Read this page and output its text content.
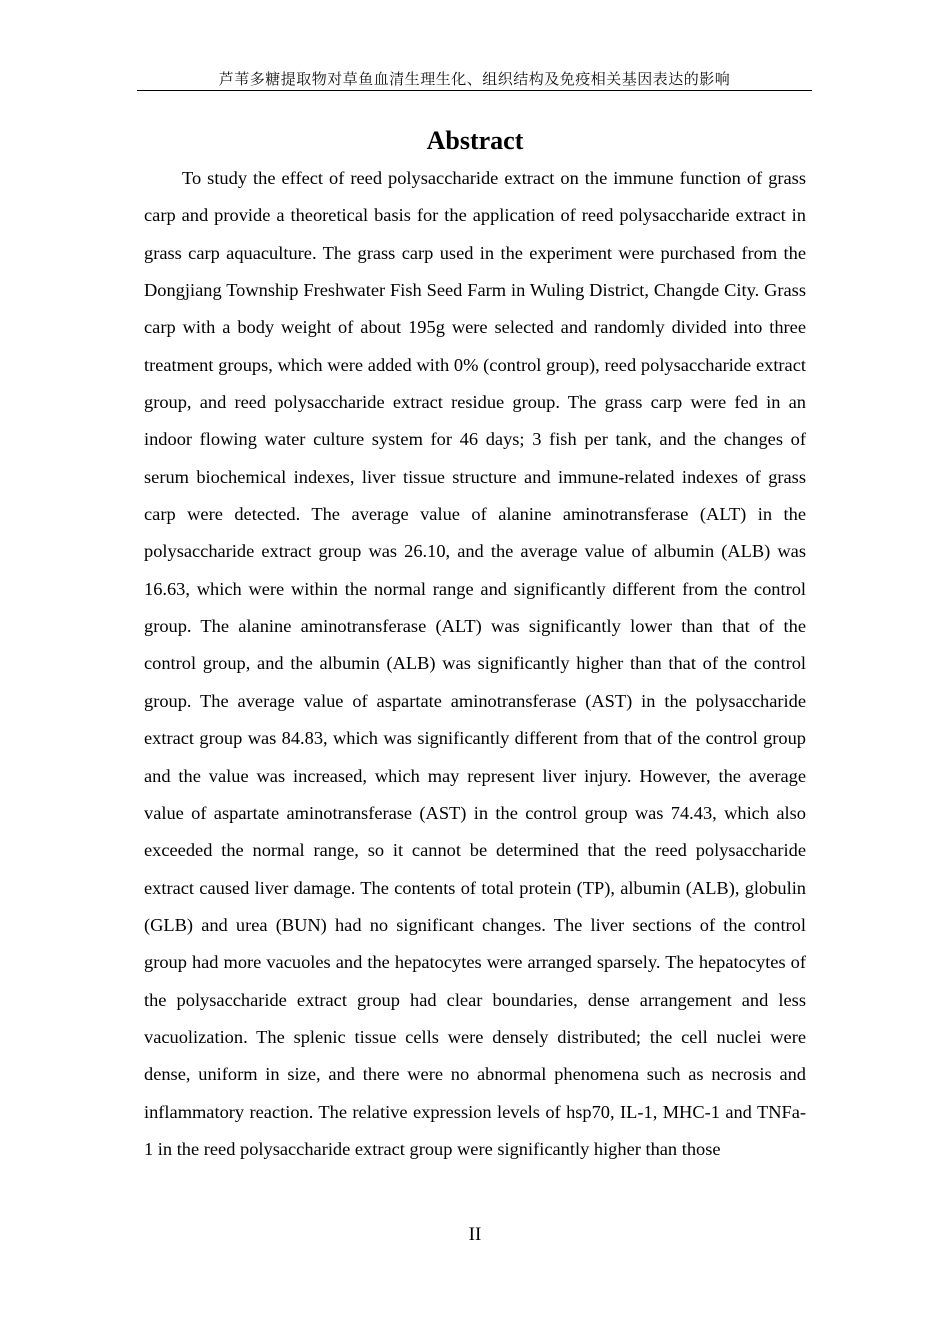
芦苇多糖提取物对草鱼血清生理生化、组织结构及免疫相关基因表达的影响
Abstract

To study the effect of reed polysaccharide extract on the immune function of grass carp and provide a theoretical basis for the application of reed polysaccharide extract in grass carp aquaculture. The grass carp used in the experiment were purchased from the Dongjiang Township Freshwater Fish Seed Farm in Wuling District, Changde City. Grass carp with a body weight of about 195g were selected and randomly divided into three treatment groups, which were added with 0% (control group), reed polysaccharide extract group, and reed polysaccharide extract residue group. The grass carp were fed in an indoor flowing water culture system for 46 days; 3 fish per tank, and the changes of serum biochemical indexes, liver tissue structure and immune-related indexes of grass carp were detected. The average value of alanine aminotransferase (ALT) in the polysaccharide extract group was 26.10, and the average value of albumin (ALB) was 16.63, which were within the normal range and significantly different from the control group. The alanine aminotransferase (ALT) was significantly lower than that of the control group, and the albumin (ALB) was significantly higher than that of the control group. The average value of aspartate aminotransferase (AST) in the polysaccharide extract group was 84.83, which was significantly different from that of the control group and the value was increased, which may represent liver injury. However, the average value of aspartate aminotransferase (AST) in the control group was 74.43, which also exceeded the normal range, so it cannot be determined that the reed polysaccharide extract caused liver damage. The contents of total protein (TP), albumin (ALB), globulin (GLB) and urea (BUN) had no significant changes. The liver sections of the control group had more vacuoles and the hepatocytes were arranged sparsely. The hepatocytes of the polysaccharide extract group had clear boundaries, dense arrangement and less vacuolization. The splenic tissue cells were densely distributed; the cell nuclei were dense, uniform in size, and there were no abnormal phenomena such as necrosis and inflammatory reaction. The relative expression levels of hsp70, IL-1, MHC-1 and TNFa-1 in the reed polysaccharide extract group were significantly higher than those

II
